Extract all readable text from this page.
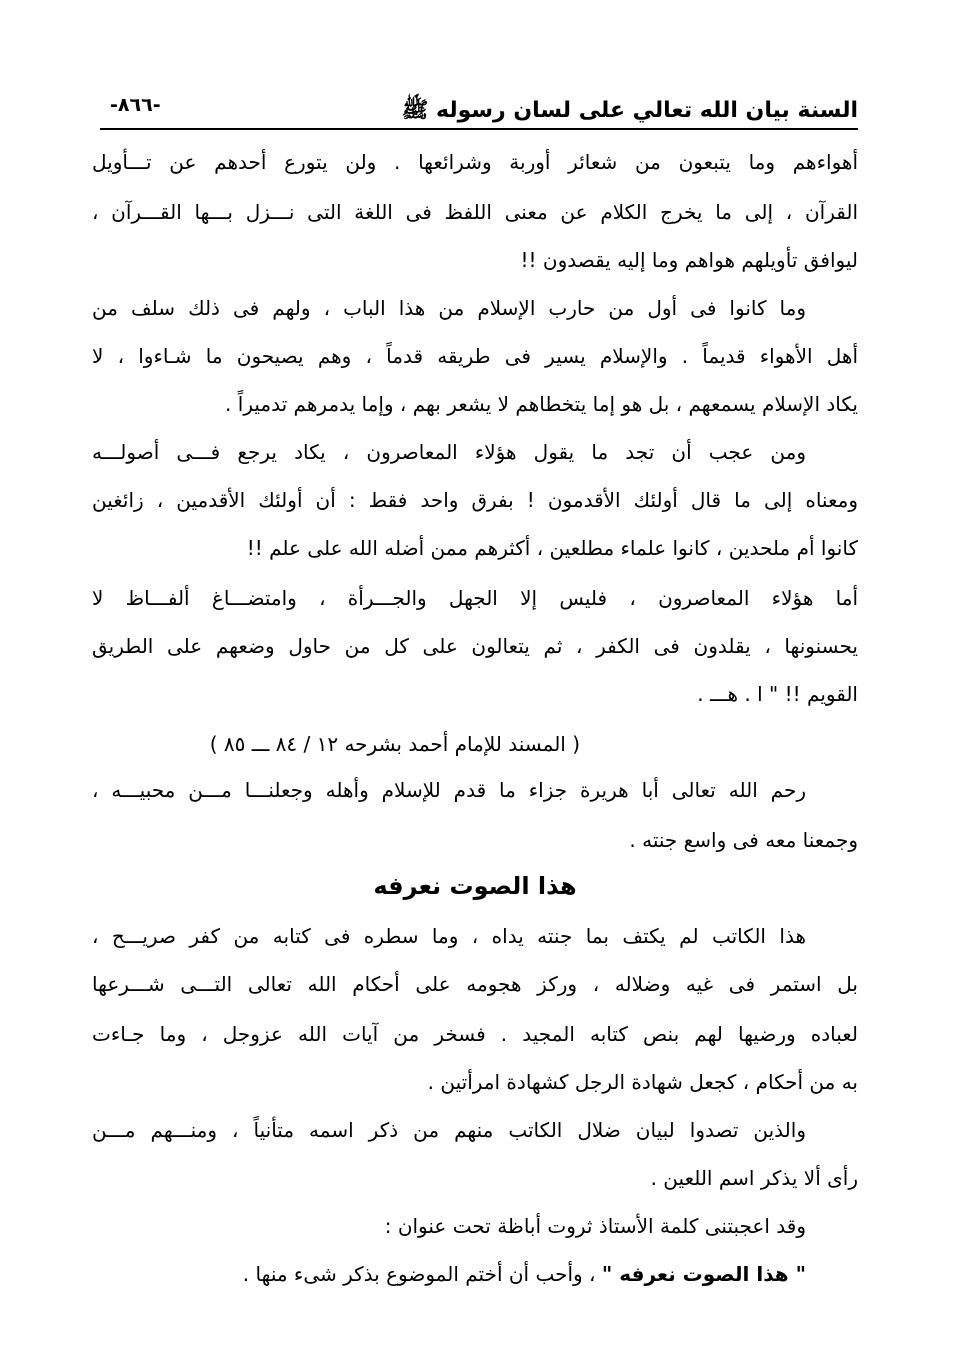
السنة بيان الله تعالي على لسان رسوله ﷺ
-٨٦٦-
أهواءهم وما يتبعون من شعائر أوربة وشرائعها . ولن يتورع أحدهم عن تـــأويل
القرآن ، إلى ما يخرج الكلام عن معنى اللفظ فى اللغة التى نـــزل بـــها القـــرآن ،
ليوافق تأويلهم هواهم وما إليه يقصدون !!
وما كانوا فى أول من حارب الإسلام من هذا الباب ، ولهم فى ذلك سلف من
أهل الأهواء قديماً . والإسلام يسير فى طريقه قدماً ، وهم يصيحون ما شـاءوا ، لا
يكاد الإسلام يسمعهم ، بل هو إما يتخطاهم لا يشعر بهم ، وإما يدمرهم تدميراً .
ومن عجب أن تجد ما يقول هؤلاء المعاصرون ، يكاد يرجع فـــى أصولـــه
ومعناه إلى ما قال أولئك الأقدمون ! بفرق واحد فقط : أن أولئك الأقدمين ، زائغين
كانوا أم ملحدين ، كانوا علماء مطلعين ، أكثرهم ممن أضله الله على علم !!
أما هؤلاء المعاصرون ، فليس إلا الجهل والجـــرأة ، وامتضـــاغ ألفـــاظ لا
يحسنونها ، يقلدون فى الكفر ، ثم يتعالون على كل من حاول وضعهم على الطريق
القويم !! " ا . هـــ .
( المسند للإمام أحمد بشرحه ١٢ / ٨٤ ـــ ٨٥ )
رحم الله تعالى أبا هريرة جزاء ما قدم للإسلام وأهله وجعلنـــا مـــن محبيـــه ،
وجمعنا معه فى واسع جنته .
هذا الصوت نعرفه
هذا الكاتب لم يكتف بما جنته يداه ، وما سطره فى كتابه من كفر صريـــح ،
بل استمر فى غيه وضلاله ، وركز هجومه على أحكام الله تعالى التـــى شـــرعها
لعباده ورضيها لهم بنص كتابه المجيد . فسخر من آيات الله عزوجل ، وما جـاءت
به من أحكام ، كجعل شهادة الرجل كشهادة امرأتين .
والذين تصدوا لبيان ضلال الكاتب منهم من ذكر اسمه متأنياً ، ومنـــهم مـــن
رأى ألا يذكر اسم اللعين .
وقد اعجبتنى كلمة الأستاذ ثروت أباظة تحت عنوان :
" هذا الصوت نعرفه " ، وأحب أن أختم الموضوع بذكر شىء منها .
